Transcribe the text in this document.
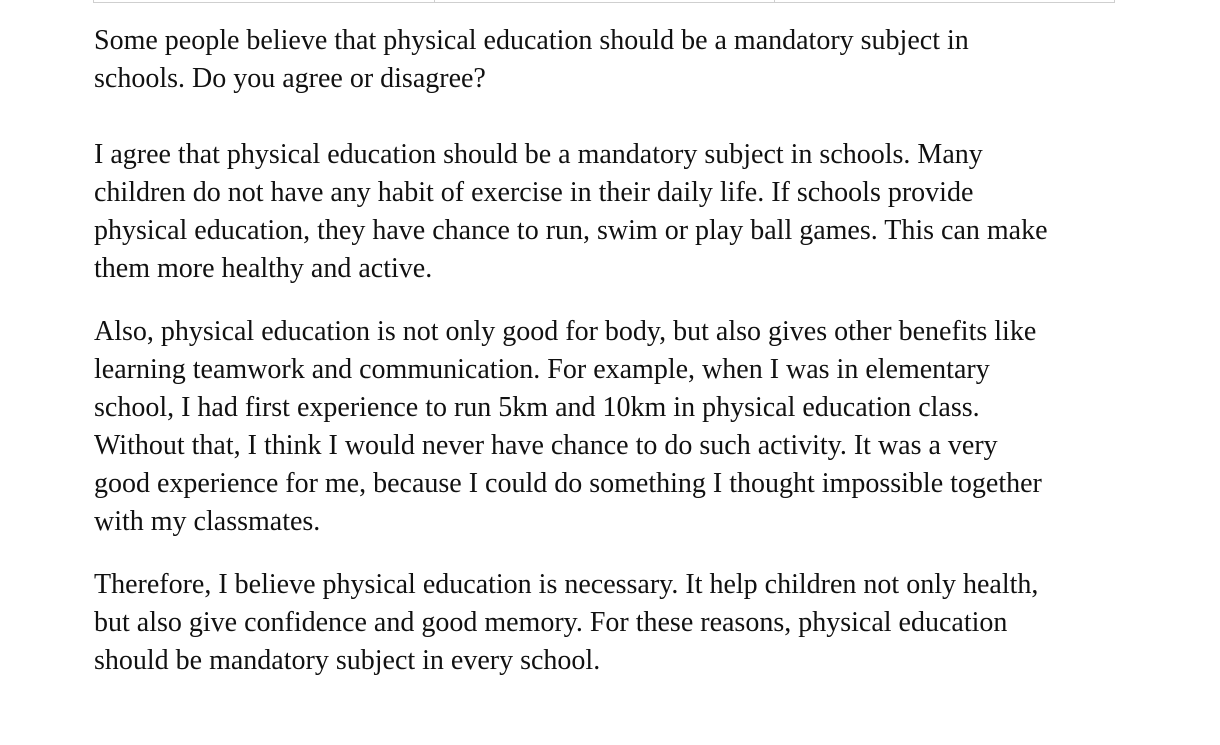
Some people believe that physical education should be a mandatory subject in
schools. Do you agree or disagree?

I agree that physical education should be a mandatory subject in schools. Many
children do not have any habit of exercise in their daily life. If schools provide
physical education, they have chance to run, swim or play ball games. This can make
them more healthy and active.

Also, physical education is not only good for body, but also gives other benefits like
learning teamwork and communication. For example, when I was in elementary
school, I had first experience to run 5km and 10km in physical education class.
Without that, I think I would never have chance to do such activity. It was a very
good experience for me, because I could do something I thought impossible together
with my classmates.

Therefore, I believe physical education is necessary. It help children not only health,
but also give confidence and good memory. For these reasons, physical education
should be mandatory subject in every school.
